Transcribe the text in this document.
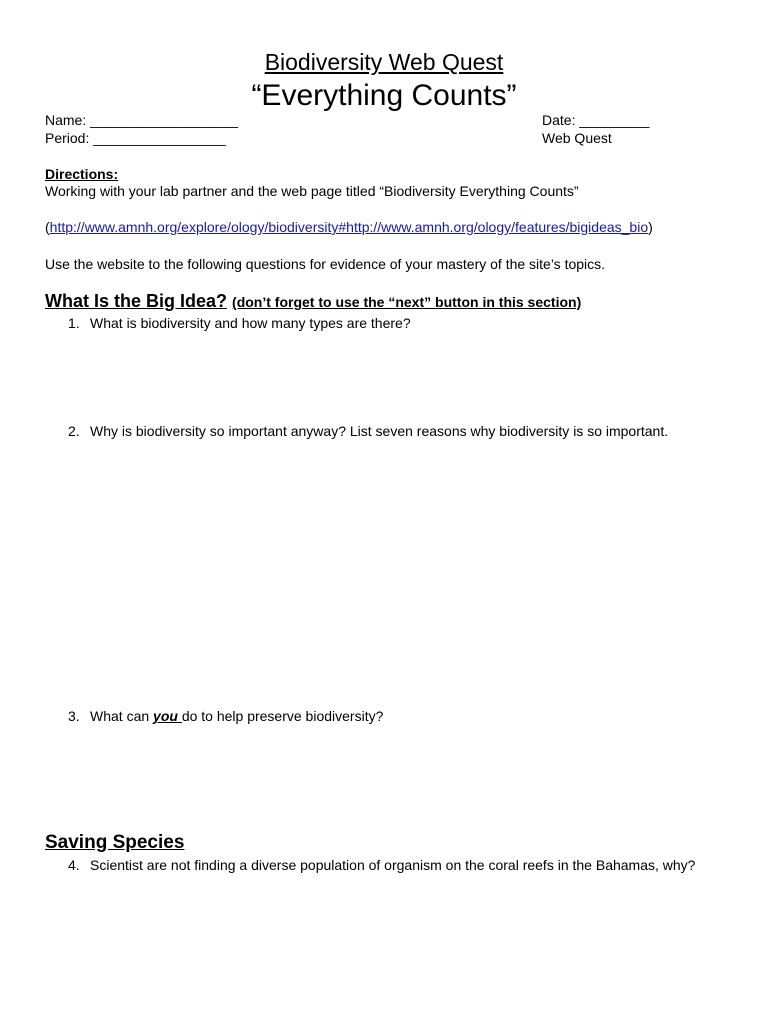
Biodiversity Web Quest
“Everything Counts”
Name: ___________________	Date: _________
Period: _________________	Web Quest
Directions:
Working with your lab partner and the web page titled “Biodiversity Everything Counts”
(http://www.amnh.org/explore/ology/biodiversity#http://www.amnh.org/ology/features/bigideas_bio)
Use the website to the following questions for evidence of your mastery of the site’s topics.
What Is the Big Idea? (don’t forget to use the “next” button in this section)
1. What is biodiversity and how many types are there?
2. Why is biodiversity so important anyway? List seven reasons why biodiversity is so important.
3. What can you do to help preserve biodiversity?
Saving Species
4. Scientist are not finding a diverse population of organism on the coral reefs in the Bahamas, why?
